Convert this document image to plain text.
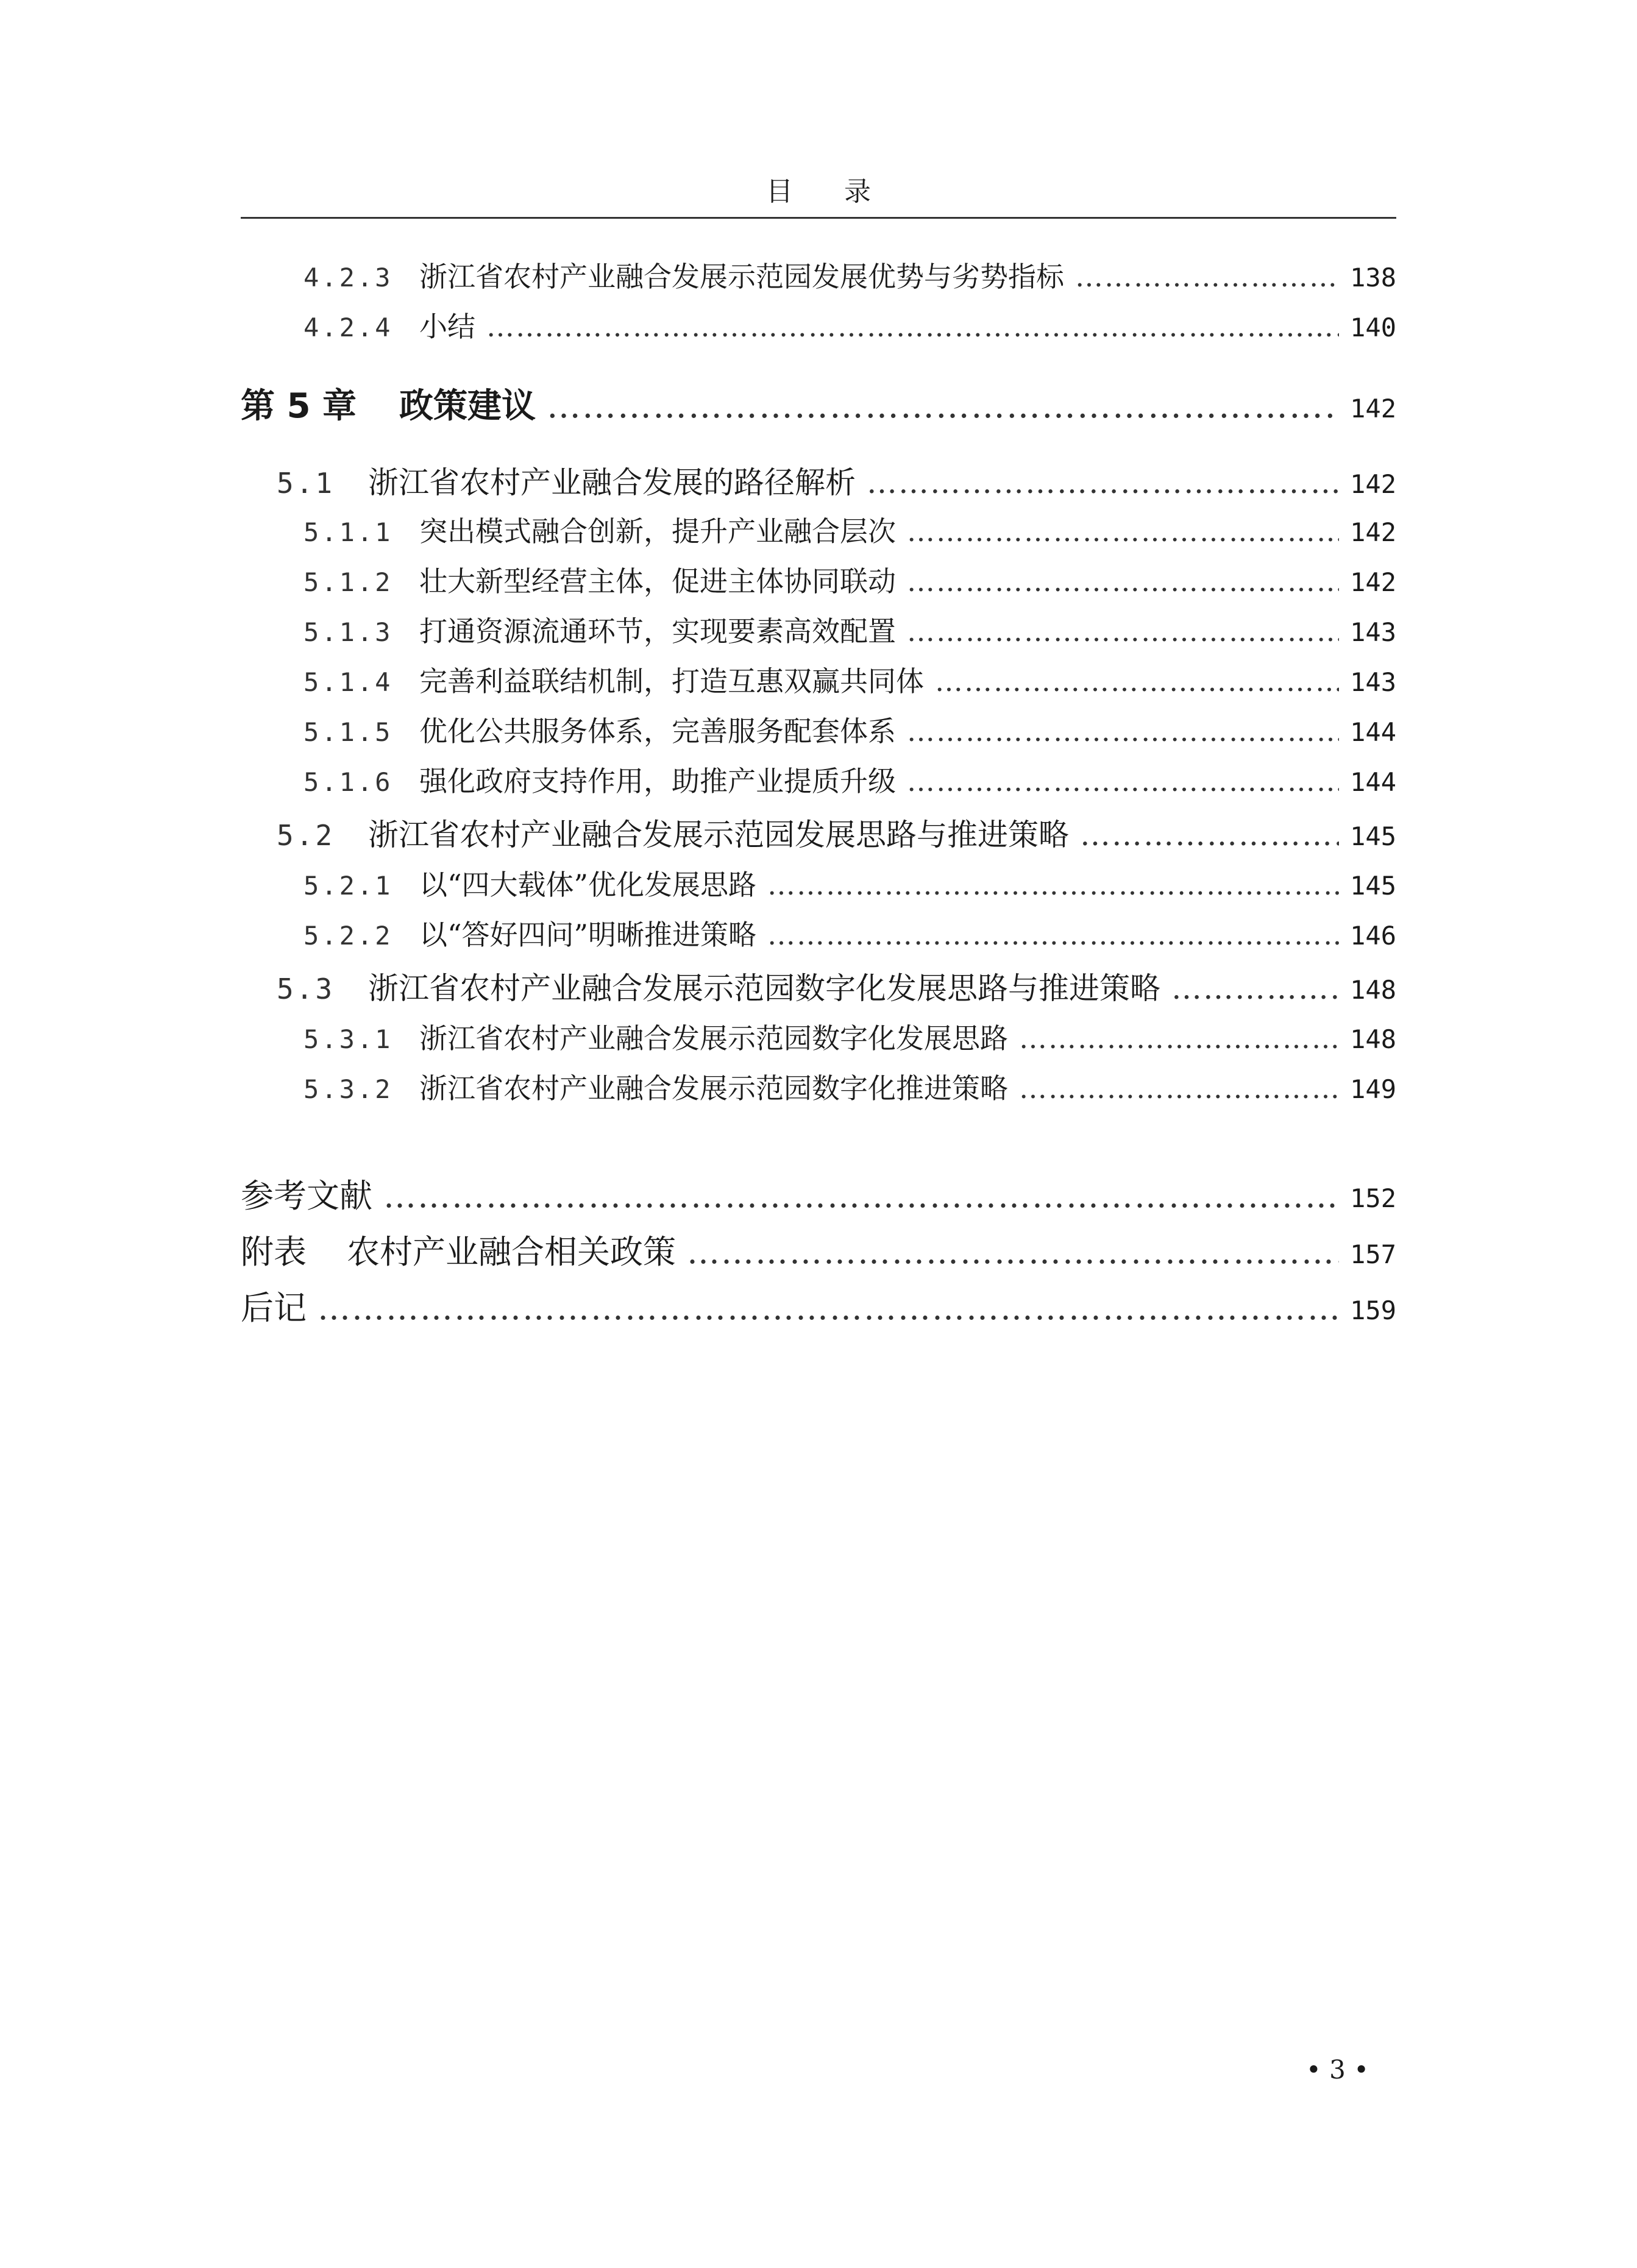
目 录
4.2.3 浙江省农村产业融合发展示范园发展优势与劣势指标 ………………………………………………………………………………………………………………………………………………………………………………………………………………………………	138
4.2.4 小结 ………………………………………………………………………………………………………………………………………………………………………………………………………………………………	140
第 5 章	政策建议 ………………………………………………………………………………………………………………………………………………………………………………………………………………………………	142
5.1	浙江省农村产业融合发展的路径解析 ………………………………………………………………………………………………………………………………………………………………………………………………………………………………	142
5.1.1 突出模式融合创新，提升产业融合层次 ………………………………………………………………………………………………………………………………………………………………………………………………………………………………	142
5.1.2 壮大新型经营主体，促进主体协同联动 ………………………………………………………………………………………………………………………………………………………………………………………………………………………………	142
5.1.3 打通资源流通环节，实现要素高效配置 ………………………………………………………………………………………………………………………………………………………………………………………………………………………………	143
5.1.4 完善利益联结机制，打造互惠双赢共同体 ………………………………………………………………………………………………………………………………………………………………………………………………………………………………	143
5.1.5 优化公共服务体系，完善服务配套体系 ………………………………………………………………………………………………………………………………………………………………………………………………………………………………	144
5.1.6 强化政府支持作用，助推产业提质升级 ………………………………………………………………………………………………………………………………………………………………………………………………………………………………	144
5.2	浙江省农村产业融合发展示范园发展思路与推进策略 ………………………………………………………………………………………………………………………………………………………………………………………………………………………………	145
5.2.1 以“四大载体”优化发展思路 ………………………………………………………………………………………………………………………………………………………………………………………………………………………………	145
5.2.2 以“答好四问”明晰推进策略 ………………………………………………………………………………………………………………………………………………………………………………………………………………………………	146
5.3	浙江省农村产业融合发展示范园数字化发展思路与推进策略 ………………………………………………………………………………………………………………………………………………………………………………………………………………………………	148
5.3.1 浙江省农村产业融合发展示范园数字化发展思路 ………………………………………………………………………………………………………………………………………………………………………………………………………………………………	148
5.3.2 浙江省农村产业融合发展示范园数字化推进策略 ………………………………………………………………………………………………………………………………………………………………………………………………………………………………	149
参考文献 ………………………………………………………………………………………………………………………………………………………………………………………………………………………………	152
附表	农村产业融合相关政策 ………………………………………………………………………………………………………………………………………………………………………………………………………………………………	157
后记 ………………………………………………………………………………………………………………………………………………………………………………………………………………………………	159
• 3 •
